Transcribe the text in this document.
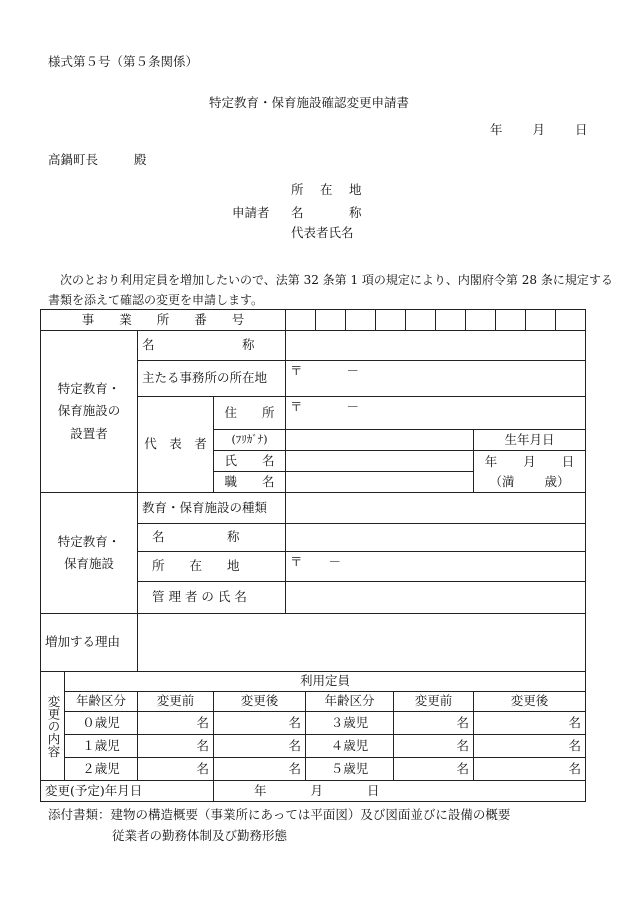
様式第５号（第５条関係）
特定教育・保育施設確認変更申請書
年 月 日
高鍋町長	殿
所　在　地
申請者 名　　　称
代表者氏名
次のとおり利用定員を増加したいので、法第 32 条第 1 項の規定により、内閣府令第 28 条に規定する
書類を添えて確認の変更を申請します。
事　　業　　所　　番　　号							

特定教育・
保育施設の
設置者		名　　　　　　　称					
		主たる事務所の所在地		〒 －			
		代　表　者	住　　所	〒 －			
			(ﾌﾘｶﾞﾅ)				生年月日
			氏　　名				年 月 日
（満 歳）

			職　　名				

特定教育・
保育施設		教育・保育施設の種類					
		名　　　　　称					
		所　　在　　地		〒 －			
		管 理 者 の 氏 名					
増加する理由							
変更の内容	利用定員						
	年齢区分	変更前	変更後		年齢区分	変更前	変更後
	０歳児	名	名		３歳児	名	名
	１歳児	名	名		４歳児	名	名
	２歳児	名	名		５歳児	名	名
変更(予定)年月日			年 月 日				
添付書類：建物の構造概要（事業所にあっては平面図）及び図面並びに設備の概要
従業者の勤務体制及び勤務形態
